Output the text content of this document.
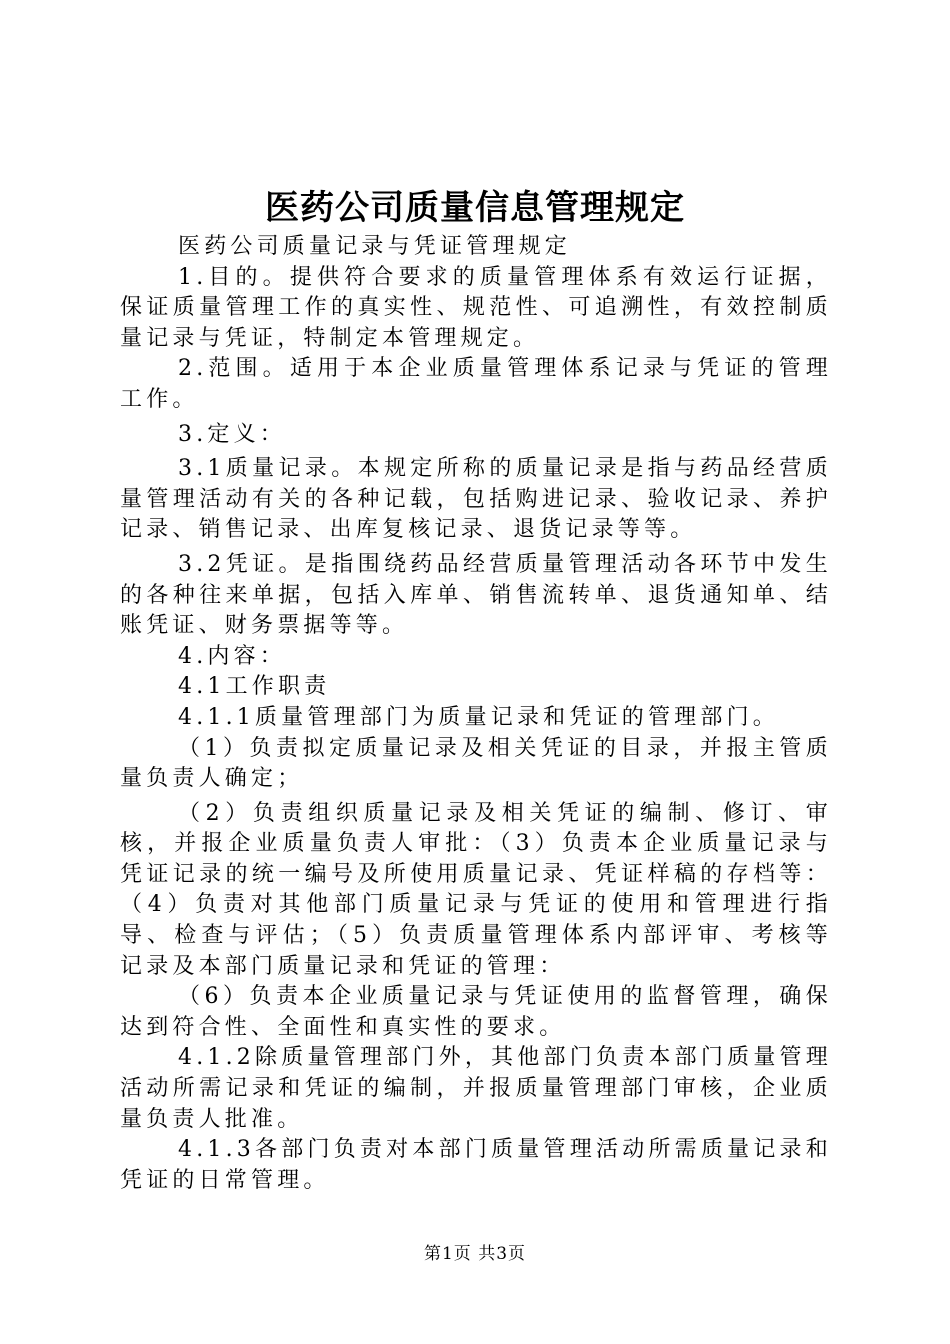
医药公司质量信息管理规定

医药公司质量记录与凭证管理规定

1.目的。提供符合要求的质量管理体系有效运行证据，保证质量管理工作的真实性、规范性、可追溯性，有效控制质量记录与凭证，特制定本管理规定。

2.范围。适用于本企业质量管理体系记录与凭证的管理工作。

3.定义：

3.1质量记录。本规定所称的质量记录是指与药品经营质量管理活动有关的各种记载，包括购进记录、验收记录、养护记录、销售记录、出库复核记录、退货记录等等。

3.2凭证。是指围绕药品经营质量管理活动各环节中发生的各种往来单据，包括入库单、销售流转单、退货通知单、结账凭证、财务票据等等。

4.内容：

4.1工作职责

4.1.1质量管理部门为质量记录和凭证的管理部门。

（1）负责拟定质量记录及相关凭证的目录，并报主管质量负责人确定；

（2）负责组织质量记录及相关凭证的编制、修订、审核，并报企业质量负责人审批：（3）负责本企业质量记录与凭证记录的统一编号及所使用质量记录、凭证样稿的存档等：（4）负责对其他部门质量记录与凭证的使用和管理进行指导、检查与评估；（5）负责质量管理体系内部评审、考核等记录及本部门质量记录和凭证的管理：

（6）负责本企业质量记录与凭证使用的监督管理，确保达到符合性、全面性和真实性的要求。

4.1.2除质量管理部门外，其他部门负责本部门质量管理活动所需记录和凭证的编制，并报质量管理部门审核，企业质量负责人批准。

4.1.3各部门负责对本部门质量管理活动所需质量记录和凭证的日常管理。

第1页 共3页
